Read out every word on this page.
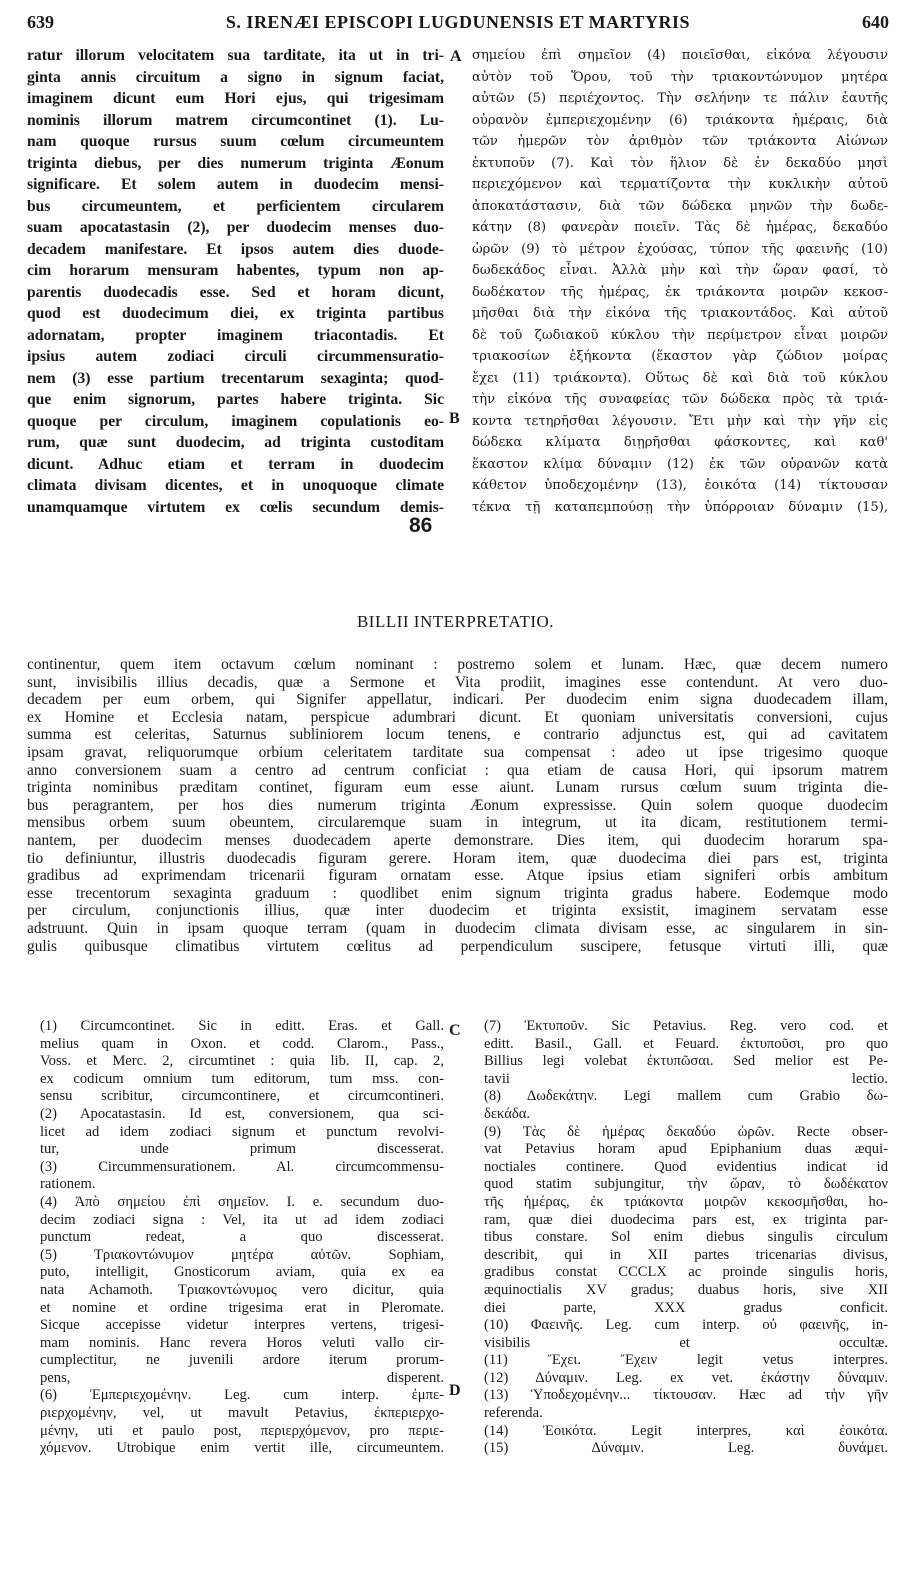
639	S. IRENÆI EPISCOPI LUGDUNENSIS ET MARTYRIS	640
ratur illorum velocitatem sua tarditate, ita ut in tri-
ginta annis circuitum a signo in signum faciat,
imaginem dicunt eum Hori ejus, qui trigesimam
nominis illorum matrem circumcontinet (1). Lu-
nam quoque rursus suum cœlum circumeuntem
triginta diebus, per dies numerum triginta Æonum
significare. Et solem autem in duodecim mensi-
bus circumeuntem, et perficientem circularem
suam apocatastasin (2), per duodecim menses duo-
decadem manifestare. Et ipsos autem dies duode-
cim horarum mensuram habentes, typum non ap-
parentis duodecadis esse. Sed et horam dicunt,
quod est duodecimum diei, ex triginta partibus
adornatam, propter imaginem triacontadis. Et
ipsius autem zodiaci circuli circummensuratio-
nem (3) esse partium trecentarum sexaginta; quod-
que enim signorum, partes habere triginta. Sic
quoque per circulum, imaginem copulationis eo-
rum, quæ sunt duodecim, ad triginta custoditam
dicunt. Adhuc etiam et terram in duodecim
climata divisam dicentes, et in unoquoque climate
unamquamque virtutem ex cœlis secundum demis-
σημείου ἐπὶ σημεῖον (4) ποιεῖσθαι, εἰκόνα λέγουσιν
αὐτὸν τοῦ Ὅρου, τοῦ τὴν τριακοντώνυμον μητέρα
αὐτῶν (5) περιέχοντος. Τὴν σελήνην τε πάλιν ἑαυτῆς
οὐρανὸν ἐμπεριεχομένην (6) τριάκοντα ἡμέραις, διὰ
τῶν ἡμερῶν τὸν ἀριθμὸν τῶν τριάκοντα Αἰώνων
ἐκτυποῦν (7). Καὶ τὸν ἥλιον δὲ ἐν δεκαδύο μησὶ
περιεχόμενον καὶ τερματίζοντα τὴν κυκλικὴν αὐτοῦ
ἀποκατάστασιν, διὰ τῶν δώδεκα μηνῶν τὴν δωδε-
κάτην (8) φανερὰν ποιεῖν. Τὰς δὲ ἡμέρας, δεκαδύο
ὡρῶν (9) τὸ μέτρον ἐχούσας, τύπον τῆς φαεινῆς (10)
δωδεκάδος εἶναι. Ἀλλὰ μὴν καὶ τὴν ὥραν φασί, τὸ
δωδέκατον τῆς ἡμέρας, ἐκ τριάκοντα μοιρῶν κεκοσ-
μῆσθαι διὰ τὴν εἰκόνα τῆς τριακοντάδος. Καὶ αὐτοῦ
δὲ τοῦ ζωδιακοῦ κύκλου τὴν περίμετρον εἶναι μοιρῶν
τριακοσίων ἑξήκοντα (ἕκαστον γὰρ ζώδιον μοίρας
ἔχει (11) τριάκοντα). Οὕτως δὲ καὶ διὰ τοῦ κύκλου
τὴν εἰκόνα τῆς συναφείας τῶν δώδεκα πρὸς τὰ τριά-
κοντα τετηρῆσθαι λέγουσιν. Ἔτι μὴν καὶ τὴν γῆν εἰς
δώδεκα κλίματα διῃρῆσθαι φάσκοντες, καὶ καθ'
ἕκαστον κλίμα δύναμιν (12) ἐκ τῶν οὐρανῶν κατὰ
κάθετον ὑποδεχομένην (13), ἐοικότα (14) τίκτουσαν
τέκνα τῇ καταπεμπούσῃ τὴν ὑπόρροιαν δύναμιν (15),
A
B
C
D
86
BILLII INTERPRETATIO.
continentur, quem item octavum cœlum nominant : postremo solem et lunam. Hæc, quæ decem numero
sunt, invisibilis illius decadis, quæ a Sermone et Vita prodiit, imagines esse contendunt. At vero duo-
decadem per eum orbem, qui Signifer appellatur, indicari. Per duodecim enim signa duodecadem illam,
ex Homine et Ecclesia natam, perspicue adumbrari dicunt. Et quoniam universitatis conversioni, cujus
summa est celeritas, Saturnus subliniorem locum tenens, e contrario adjunctus est, qui ad cavitatem
ipsam gravat, reliquorumque orbium celeritatem tarditate sua compensat : adeo ut ipse trigesimo quoque
anno conversionem suam a centro ad centrum conficiat : qua etiam de causa Hori, qui ipsorum matrem
triginta nominibus præditam continet, figuram eum esse aiunt. Lunam rursus cœlum suum triginta die-
bus peragrantem, per hos dies numerum triginta Æonum expressisse. Quin solem quoque duodecim
mensibus orbem suum obeuntem, circularemque suam in integrum, ut ita dicam, restitutionem termi-
nantem, per duodecim menses duodecadem aperte demonstrare. Dies item, qui duodecim horarum spa-
tio definiuntur, illustris duodecadis figuram gerere. Horam item, quæ duodecima diei pars est, triginta
gradibus ad exprimendam tricenarii figuram ornatam esse. Atque ipsius etiam signiferi orbis ambitum
esse trecentorum sexaginta graduum : quodlibet enim signum triginta gradus habere. Eodemque modo
per circulum, conjunctionis illius, quæ inter duodecim et triginta exsistit, imaginem servatam esse
adstruunt. Quin in ipsam quoque terram (quam in duodecim climata divisam esse, ac singularem in sin-
gulis quibusque climatibus virtutem cœlitus ad perpendiculum suscipere, fetusque virtuti illi, quæ
(1) Circumcontinet. Sic in editt. Eras. et Gall.
melius quam in Oxon. et codd. Clarom., Pass.,
Voss. et Merc. 2, circumtinet : quia lib. II, cap. 2,
ex codicum omnium tum editorum, tum mss. con-
sensu scribitur, circumcontinere, et circumcontineri.
(2) Apocatastasin. Id est, conversionem, qua sci-
licet ad idem zodiaci signum et punctum revolvi-
tur, unde primum discesserat.
(3) Circummensurationem. Al. circumcommensu-
rationem.
(4) Ἀπὸ σημείου ἐπὶ σημεῖον. I. e. secundum duo-
decim zodiaci signa : Vel, ita ut ad idem zodiaci
punctum redeat, a quo discesserat.
(5) Τριακοντώνυμον μητέρα αὐτῶν. Sophiam,
puto, intelligit, Gnosticorum aviam, quia ex ea
nata Achamoth. Τριακοντώνυμος vero dicitur, quia
et nomine et ordine trigesima erat in Pleromate.
Sicque accepisse videtur interpres vertens, trigesi-
mam nominis. Hanc revera Horos veluti vallo cir-
cumplectitur, ne juvenili ardore iterum prorum-
pens, disperent.
(6) Ἐμπεριεχομένην. Leg. cum interp. ἐμπε-
ριερχομένην, vel, ut mavult Petavius, ἐκπεριερχο-
μένην, uti et paulo post, περιερχόμενον, pro περιε-
χόμενον. Utrobique enim vertit ille, circumeuntem.
(7) Ἐκτυποῦν. Sic Petavius. Reg. vero cod. et
editt. Basil., Gall. et Feuard. ἐκτυποῦσι, pro quo
Billius legi volebat ἐκτυπῶσαι. Sed melior est Pe-
tavii lectio.
(8) Δωδεκάτην. Legi mallem cum Grabio δω-
δεκάδα.
(9) Τὰς δὲ ἡμέρας δεκαδύο ὡρῶν. Recte obser-
vat Petavius horam apud Epiphanium duas æqui-
noctiales continere. Quod evidentius indicat id
quod statim subjungitur, τὴν ὥραν, τὸ δωδέκατον
τῆς ἡμέρας, ἐκ τριάκοντα μοιρῶν κεκοσμῆσθαι, ho-
ram, quæ diei duodecima pars est, ex triginta par-
tibus constare. Sol enim diebus singulis circulum
describit, qui in XII partes tricenarias divisus,
gradibus constat CCCLX ac proinde singulis horis,
æquinoctialis XV gradus; duabus horis, sive XII
diei parte, XXX gradus conficit.
(10) Φαεινῆς. Leg. cum interp. οὐ φαεινῆς, in-
visibilis et occultæ.
(11) Ἔχει. Ἔχειν legit vetus interpres.
(12) Δύναμιν. Leg. ex vet. ἑκάστην δύναμιν.
(13) Ὑποδεχομένην... τίκτουσαν. Hæc ad τὴν γῆν
referenda.
(14) Ἐοικότα. Legit interpres, καὶ ἐοικότα.
(15) Δύναμιν. Leg. δυνάμει.
